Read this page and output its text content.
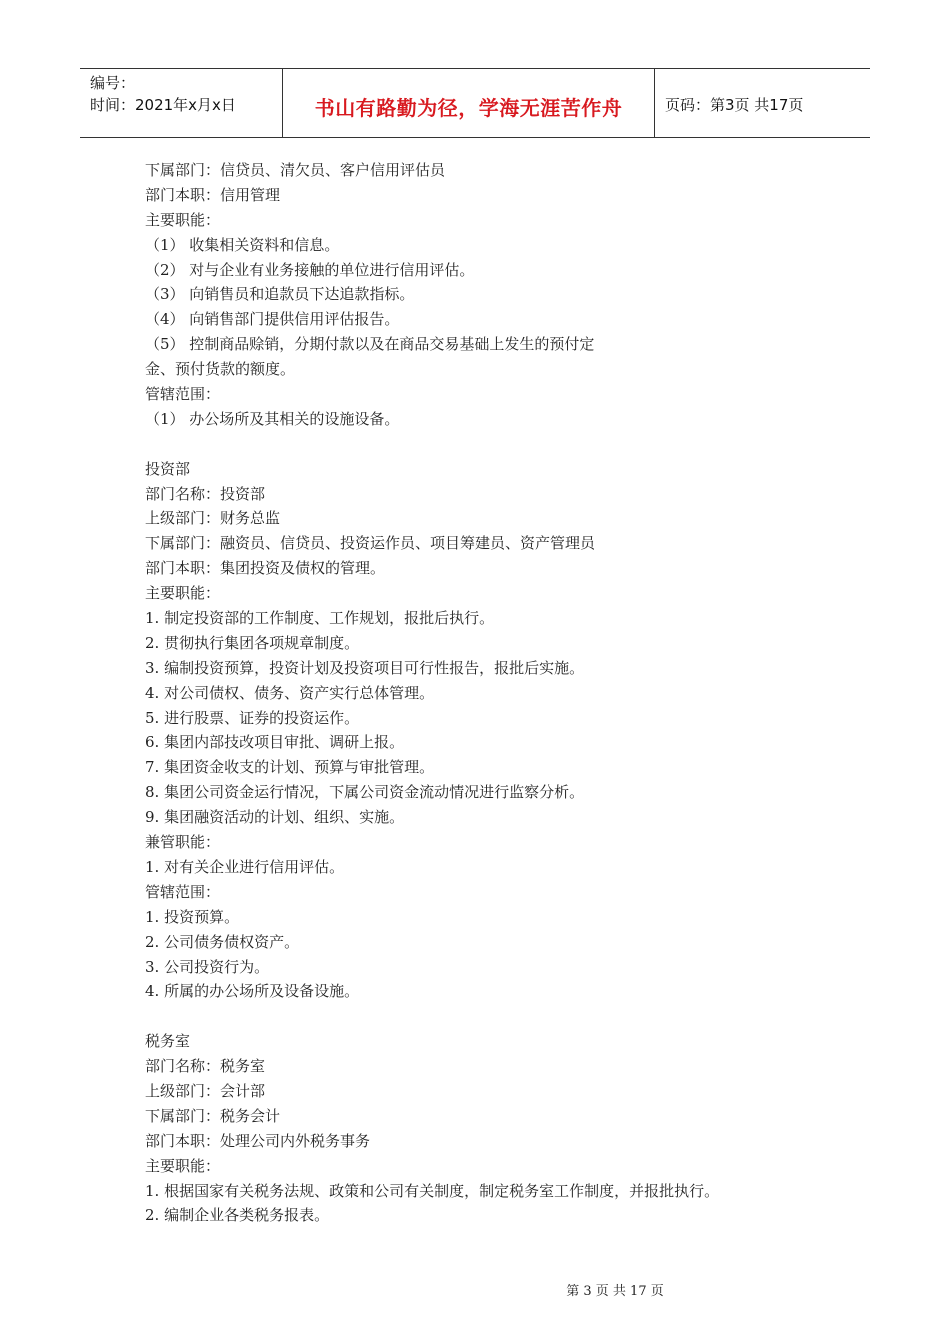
编号：
时间：2021年x月x日	书山有路勤为径，学海无涯苦作舟	页码：第3页 共17页
下属部门：信贷员、清欠员、客户信用评估员
部门本职：信用管理
主要职能：
（1） 收集相关资料和信息。
（2） 对与企业有业务接触的单位进行信用评估。
（3） 向销售员和追款员下达追款指标。
（4） 向销售部门提供信用评估报告。
（5） 控制商品赊销，分期付款以及在商品交易基础上发生的预付定
金、预付货款的额度。
管辖范围：
（1） 办公场所及其相关的设施设备。
投资部
部门名称：投资部
上级部门：财务总监
下属部门：融资员、信贷员、投资运作员、项目筹建员、资产管理员
部门本职：集团投资及债权的管理。
主要职能：
1. 制定投资部的工作制度、工作规划，报批后执行。
2. 贯彻执行集团各项规章制度。
3. 编制投资预算，投资计划及投资项目可行性报告，报批后实施。
4. 对公司债权、债务、资产实行总体管理。
5. 进行股票、证券的投资运作。
6. 集团内部技改项目审批、调研上报。
7. 集团资金收支的计划、预算与审批管理。
8. 集团公司资金运行情况，下属公司资金流动情况进行监察分析。
9. 集团融资活动的计划、组织、实施。
兼管职能：
1. 对有关企业进行信用评估。
管辖范围：
1. 投资预算。
2. 公司债务债权资产。
3. 公司投资行为。
4. 所属的办公场所及设备设施。
税务室
部门名称：税务室
上级部门：会计部
下属部门：税务会计
部门本职：处理公司内外税务事务
主要职能：
1. 根据国家有关税务法规、政策和公司有关制度，制定税务室工作制度，并报批执行。
2. 编制企业各类税务报表。
第 3 页 共 17 页
